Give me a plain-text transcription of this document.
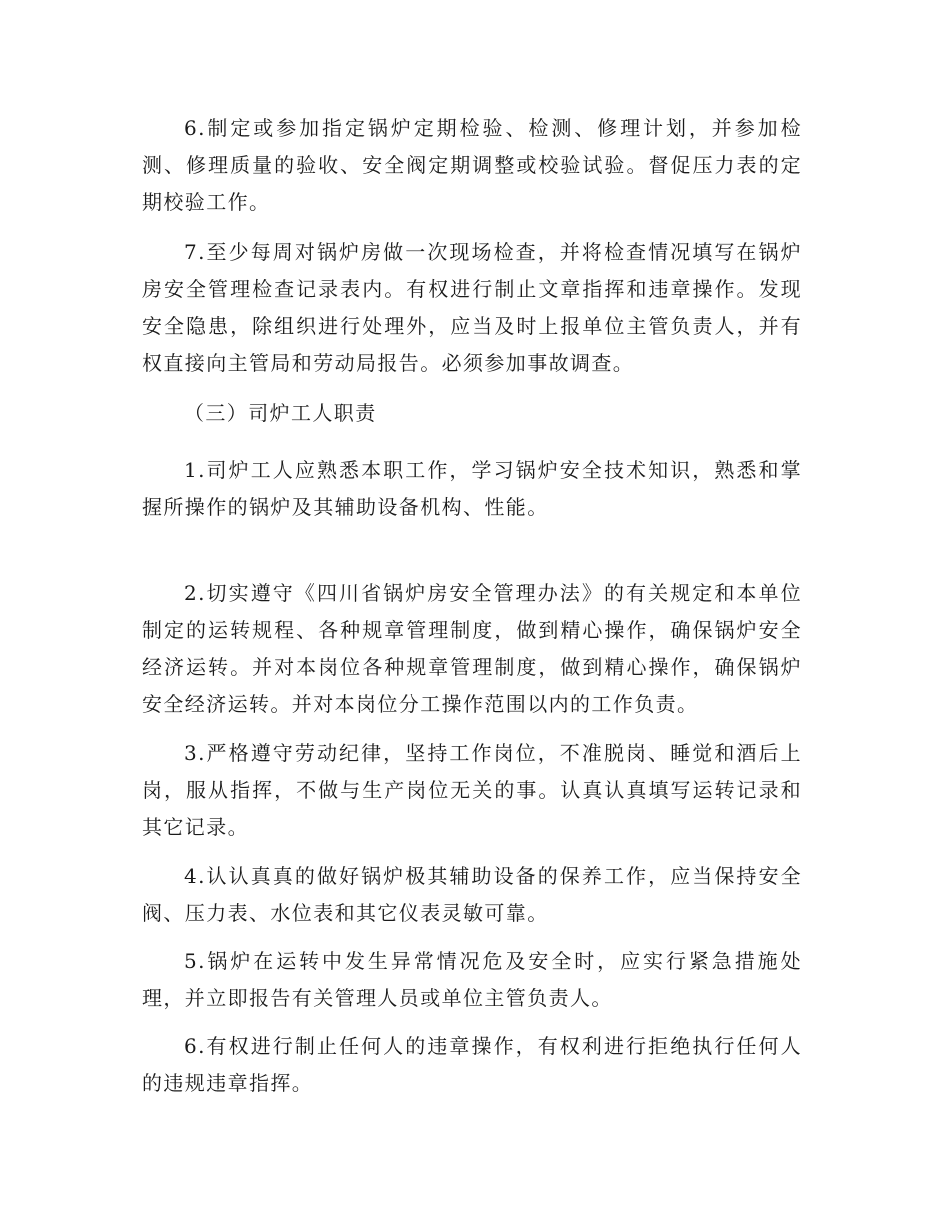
6.制定或参加指定锅炉定期检验、检测、修理计划，并参加检测、修理质量的验收、安全阀定期调整或校验试验。督促压力表的定期校验工作。

7.至少每周对锅炉房做一次现场检查，并将检查情况填写在锅炉房安全管理检查记录表内。有权进行制止文章指挥和违章操作。发现安全隐患，除组织进行处理外，应当及时上报单位主管负责人，并有权直接向主管局和劳动局报告。必须参加事故调查。

（三）司炉工人职责

1.司炉工人应熟悉本职工作，学习锅炉安全技术知识，熟悉和掌握所操作的锅炉及其辅助设备机构、性能。

2.切实遵守《四川省锅炉房安全管理办法》的有关规定和本单位制定的运转规程、各种规章管理制度，做到精心操作，确保锅炉安全经济运转。并对本岗位各种规章管理制度，做到精心操作，确保锅炉安全经济运转。并对本岗位分工操作范围以内的工作负责。

3.严格遵守劳动纪律，坚持工作岗位，不准脱岗、睡觉和酒后上岗，服从指挥，不做与生产岗位无关的事。认真认真填写运转记录和其它记录。

4.认认真真的做好锅炉极其辅助设备的保养工作，应当保持安全阀、压力表、水位表和其它仪表灵敏可靠。

5.锅炉在运转中发生异常情况危及安全时，应实行紧急措施处理，并立即报告有关管理人员或单位主管负责人。

6.有权进行制止任何人的违章操作，有权利进行拒绝执行任何人的违规违章指挥。
